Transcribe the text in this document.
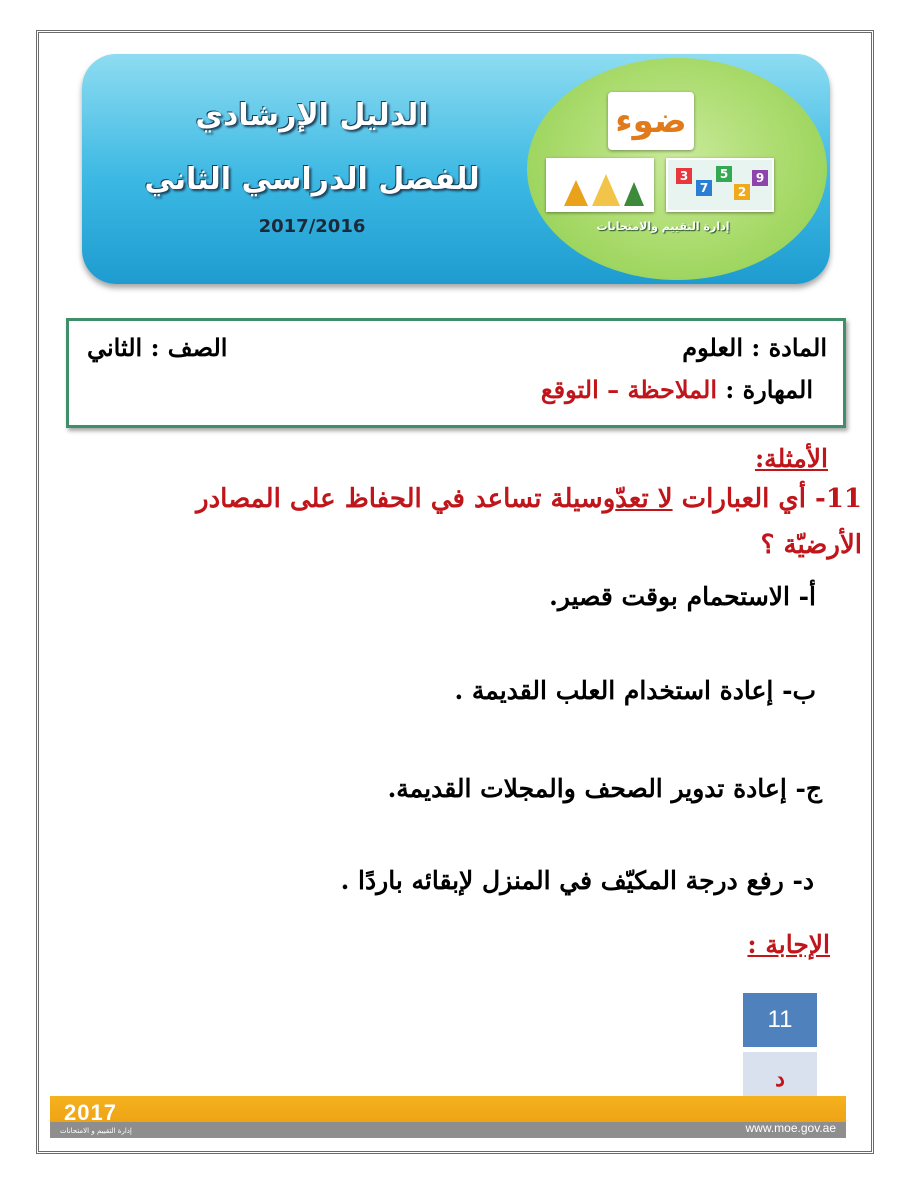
الدليل الإرشادي
للفصل الدراسي الثاني
2017/2016
ضوء
3
7
5
2
9
إدارة التقييم والامتحانات
المادة : العلوم
الصف : الثاني
المهارة : الملاحظة – التوقع
الأمثلة:
11- أي العبارات لا تعدّوسيلة تساعد في الحفاظ على المصادر
الأرضيّة ؟
أ- الاستحمام بوقت قصير.
ب- إعادة استخدام العلب القديمة .
ج- إعادة تدوير الصحف والمجلات القديمة.
د- رفع درجة المكيّف في المنزل لإبقائه باردًا .
الإجابة :
11
د
2017
إدارة التقييم و الامتحانات	www.moe.gov.ae
